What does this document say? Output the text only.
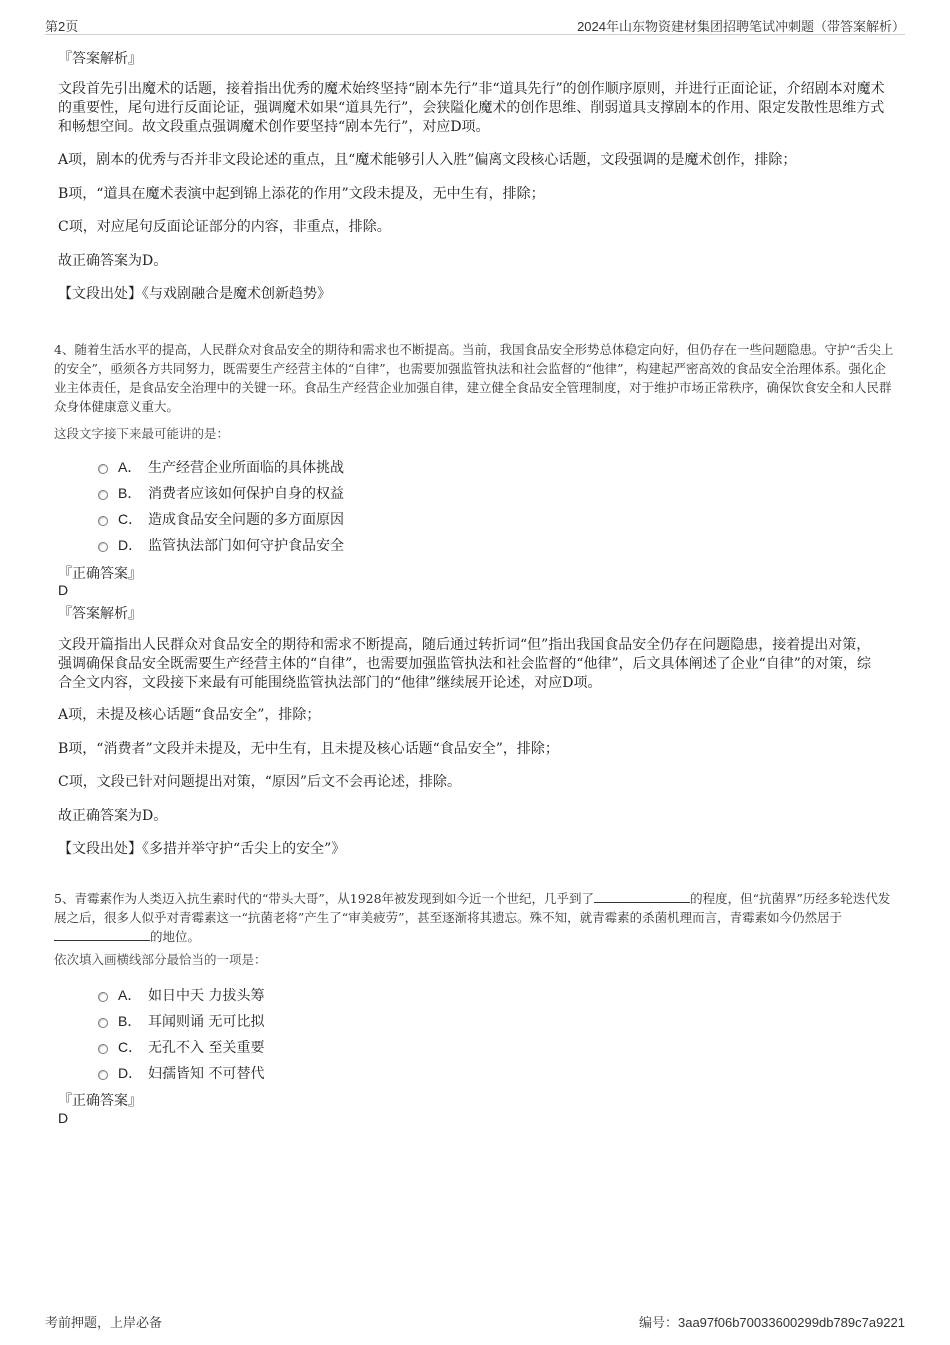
第2页	2024年山东物资建材集团招聘笔试冲刺题（带答案解析）
『答案解析』

文段首先引出魔术的话题，接着指出优秀的魔术始终坚持“剧本先行”非“道具先行”的创作顺序原则，并进行正面论证，介绍剧本对魔术的重要性，尾句进行反面论证，强调魔术如果“道具先行”，会狭隘化魔术的创作思维、削弱道具支撑剧本的作用、限定发散性思维方式和畅想空间。故文段重点强调魔术创作要坚持“剧本先行”，对应D项。

A项，剧本的优秀与否并非文段论述的重点，且“魔术能够引人入胜”偏离文段核心话题，文段强调的是魔术创作，排除；

B项，“道具在魔术表演中起到锦上添花的作用”文段未提及，无中生有，排除；

C项，对应尾句反面论证部分的内容，非重点，排除。

故正确答案为D。

【文段出处】《与戏剧融合是魔术创新趋势》

4、随着生活水平的提高，人民群众对食品安全的期待和需求也不断提高。当前，我国食品安全形势总体稳定向好，但仍存在一些问题隐患。守护“舌尖上的安全”，亟须各方共同努力，既需要生产经营主体的“自律”，也需要加强监管执法和社会监督的“他律”，构建起严密高效的食品安全治理体系。强化企业主体责任，是食品安全治理中的关键一环。食品生产经营企业加强自律，建立健全食品安全管理制度，对于维护市场正常秩序，确保饮食安全和人民群众身体健康意义重大。

这段文字接下来最可能讲的是：
A． 生产经营企业所面临的具体挑战
B． 消费者应该如何保护自身的权益
C． 造成食品安全问题的多方面原因
D． 监管执法部门如何守护食品安全
『正确答案』
D
『答案解析』

文段开篇指出人民群众对食品安全的期待和需求不断提高，随后通过转折词“但”指出我国食品安全仍存在问题隐患，接着提出对策，强调确保食品安全既需要生产经营主体的“自律”，也需要加强监管执法和社会监督的“他律”，后文具体阐述了企业“自律”的对策，综合全文内容，文段接下来最有可能围绕监管执法部门的“他律”继续展开论述，对应D项。

A项，未提及核心话题“食品安全”，排除；

B项，“消费者”文段并未提及，无中生有，且未提及核心话题“食品安全”，排除；

C项，文段已针对问题提出对策，“原因”后文不会再论述，排除。

故正确答案为D。

【文段出处】《多措并举守护“舌尖上的安全”》

5、青霉素作为人类迈入抗生素时代的“带头大哥”，从1928年被发现到如今近一个世纪，几乎到了	的程度，但“抗菌界”历经多轮迭代发展之后，很多人似乎对青霉素这一“抗菌老将”产生了“审美疲劳”，甚至逐渐将其遗忘。殊不知，就青霉素的杀菌机理而言，青霉素如今仍然居于的地位。

依次填入画横线部分最恰当的一项是：
A． 如日中天 力拔头筹
B． 耳闻则诵 无可比拟
C． 无孔不入 至关重要
D． 妇孺皆知 不可替代
『正确答案』
D
考前押题，上岸必备	编号：3aa97f06b70033600299db789c7a9221
